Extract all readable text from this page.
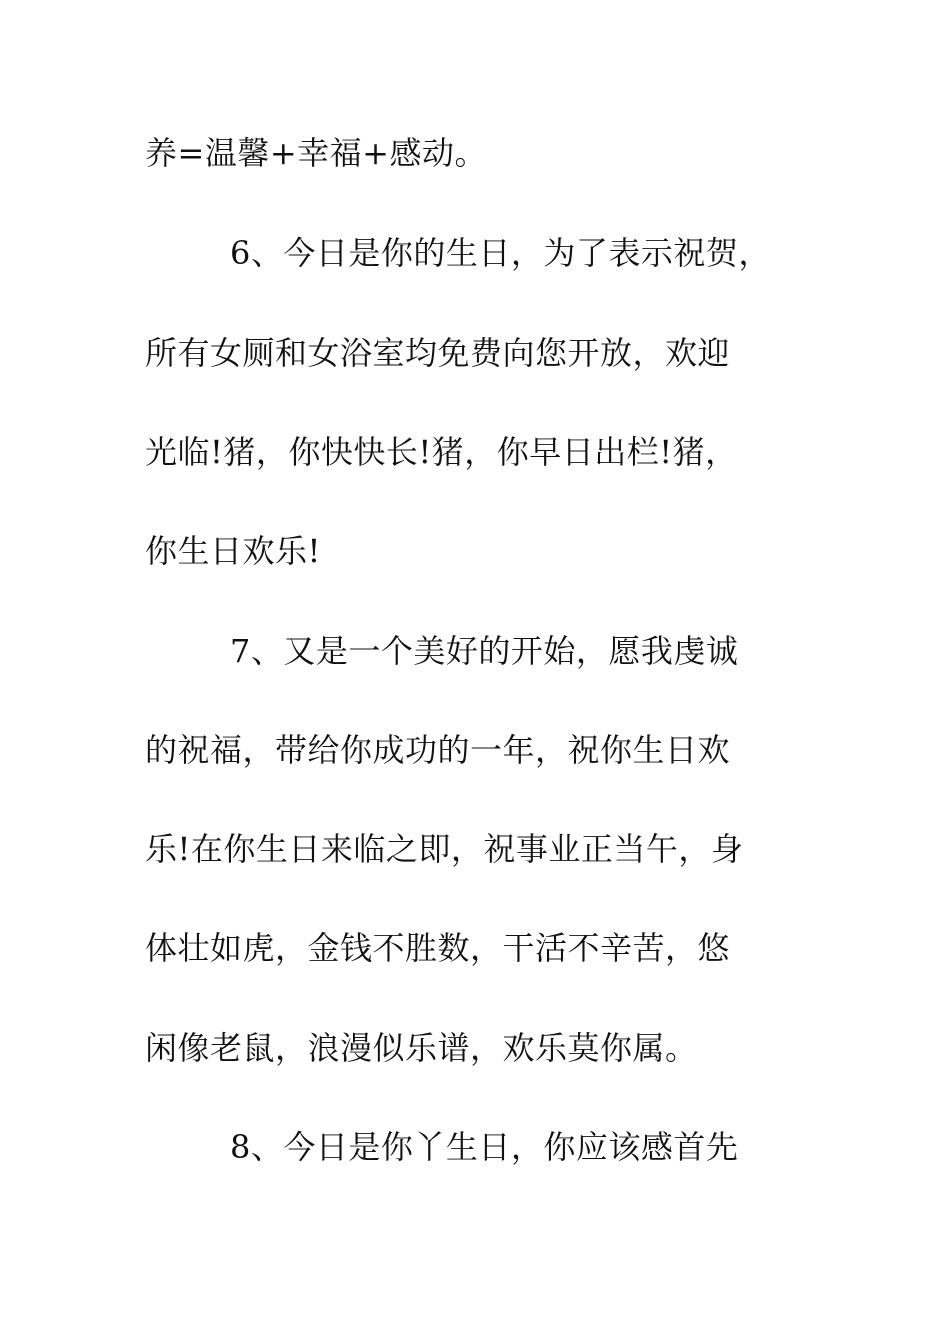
养=温馨+幸福+感动。
6、今日是你的生日，为了表示祝贺，
所有女厕和女浴室均免费向您开放，欢迎
光临!猪，你快快长!猪，你早日出栏!猪，
你生日欢乐!
7、又是一个美好的开始，愿我虔诚
的祝福，带给你成功的一年，祝你生日欢
乐!在你生日来临之即，祝事业正当午，身
体壮如虎，金钱不胜数，干活不辛苦，悠
闲像老鼠，浪漫似乐谱，欢乐莫你属。
8、今日是你丫生日，你应该感首先
